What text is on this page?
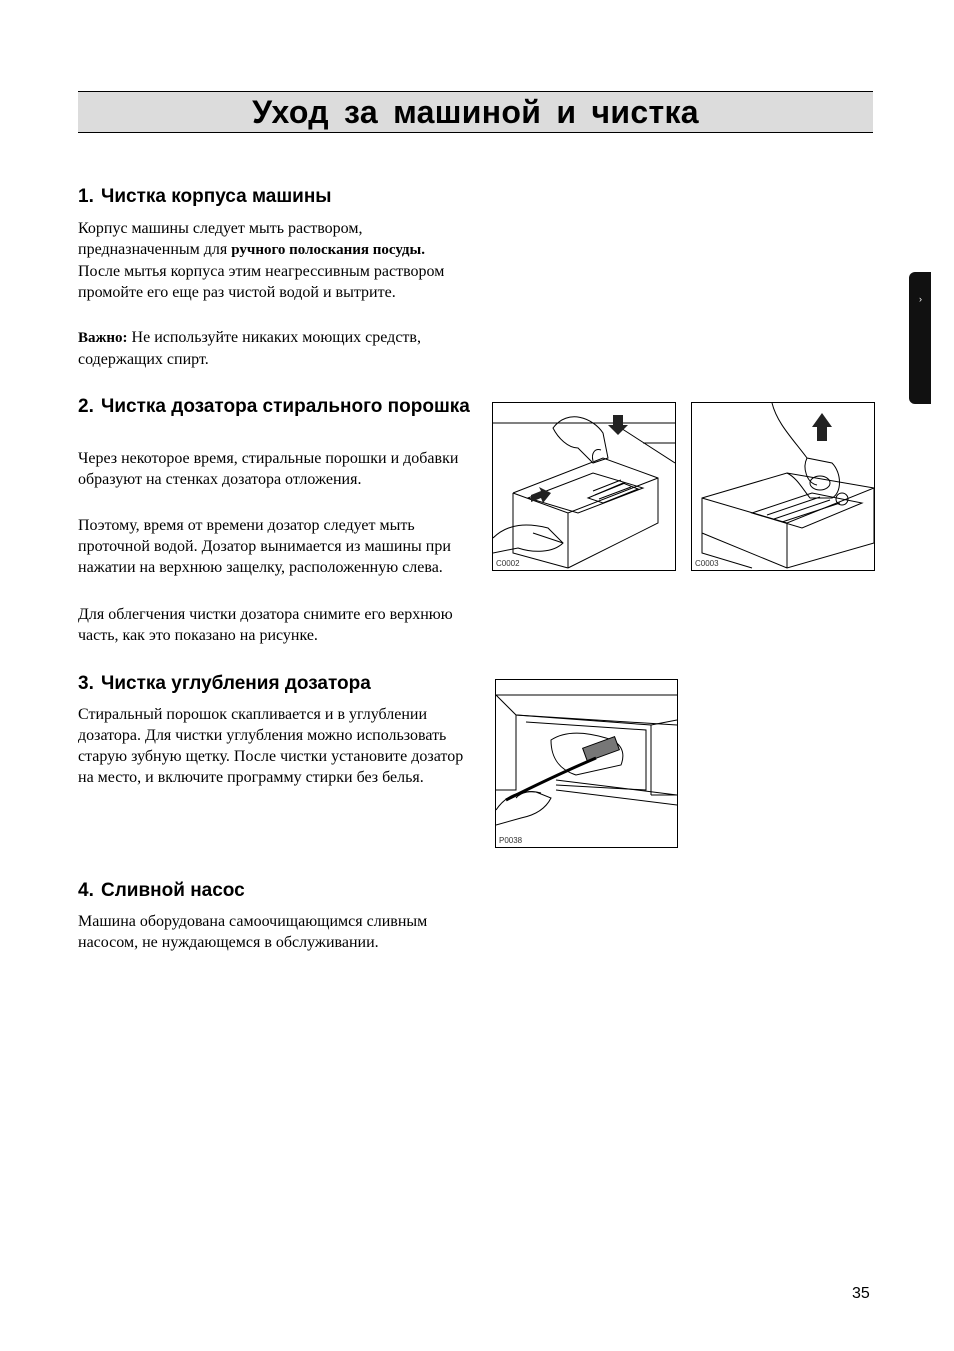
Уход за машиной и чистка
›
1. Чистка корпуса машины

Корпус машины следует мыть раствором, предназначенным для ручного полоскания посуды. После мытья корпуса этим неагрессивным раствором промойте его еще раз чистой водой и вытрите.

Важно: Не используйте никаких моющих средств, содержащих спирт.

2. Чистка дозатора стирального порошка

Через некоторое время, стиральные порошки и добавки образуют на стенках дозатора отложения.

Поэтому, время от времени дозатор следует мыть проточной водой. Дозатор вынимается из машины при нажатии на верхнюю защелку, расположенную слева.

Для облегчения чистки дозатора снимите его верхнюю часть, как это показано на рисунке.

3. Чистка углубления дозатора

Стиральный порошок скапливается и в углублении дозатора. Для чистки углубления можно использовать старую зубную щетку. После чистки установите дозатор на место, и включите программу стирки без белья.

4. Сливной насос

Машина оборудована самоочищающимся сливным насосом, не нуждающемся в обслуживании.

C0002	C0003
P0038
35
